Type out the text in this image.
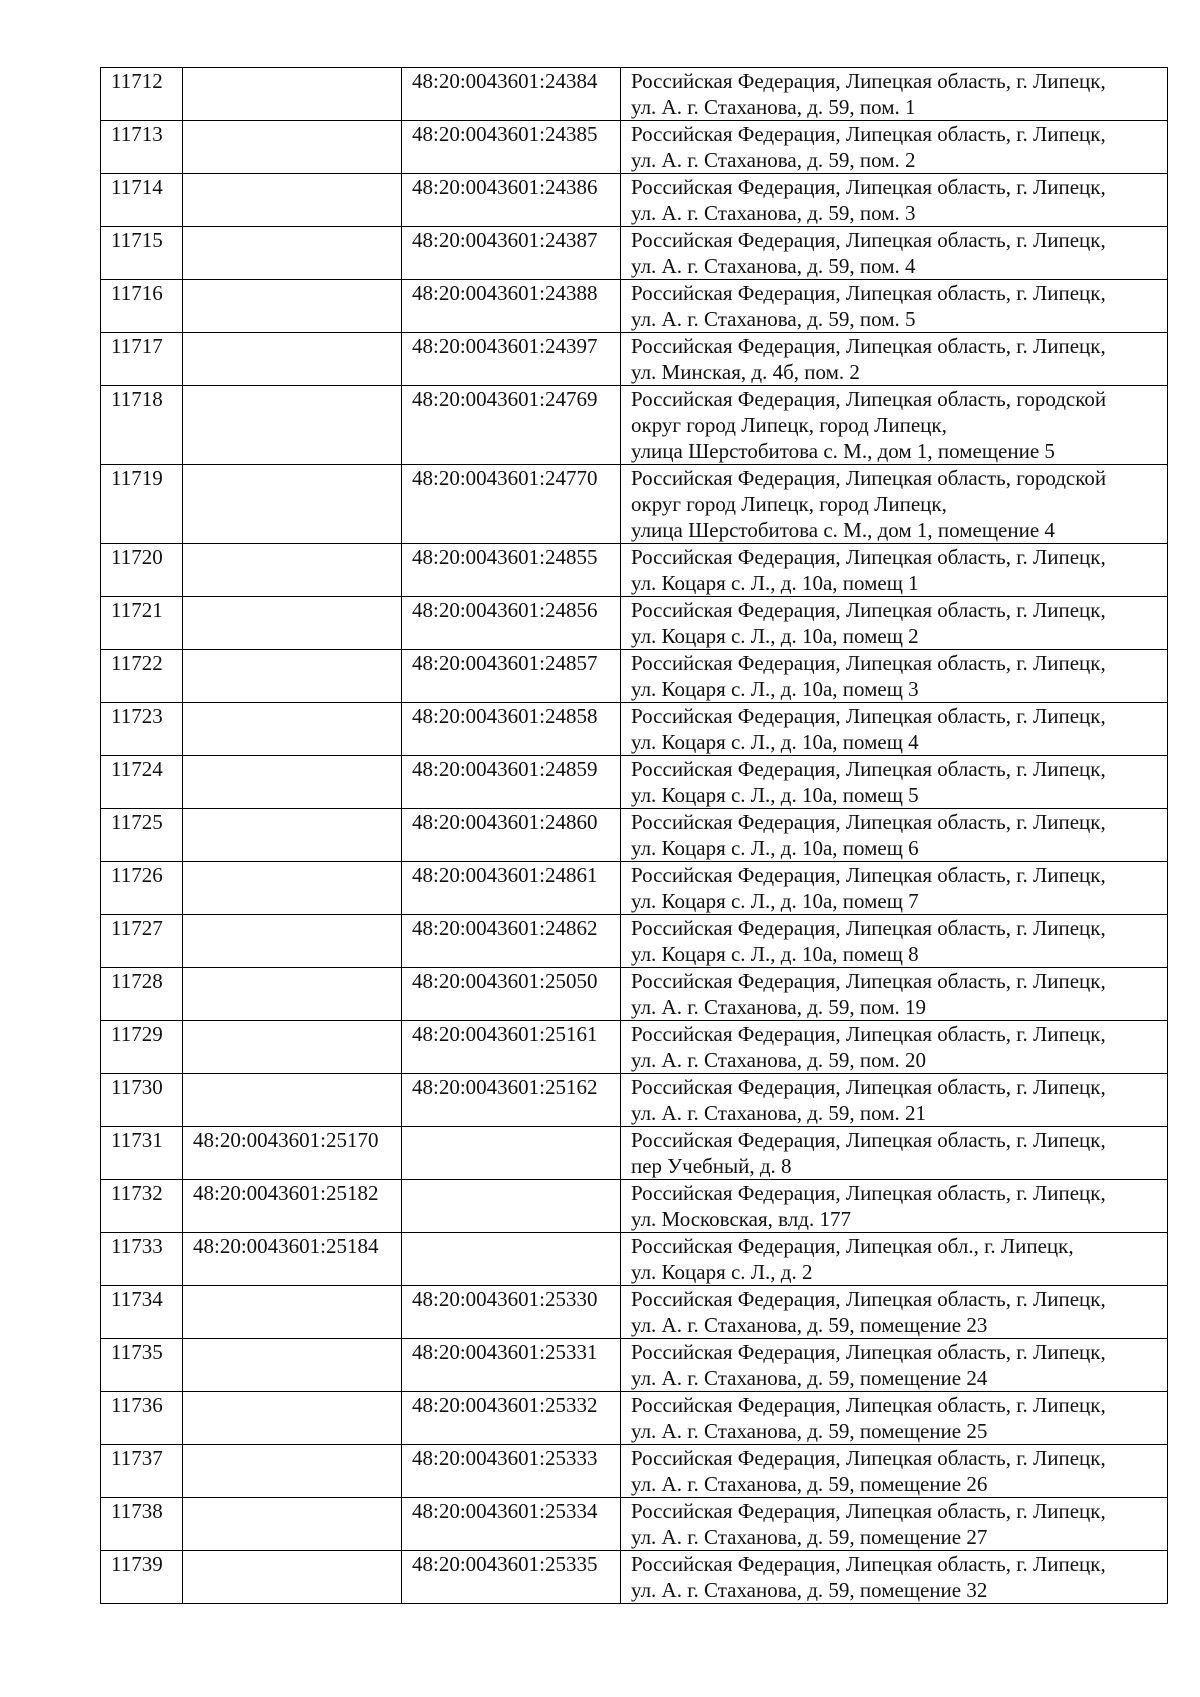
11712		48:20:0043601:24384	Российская Федерация, Липецкая область, г. Липецк,
ул. А. г. Стаханова, д. 59, пом. 1

11713		48:20:0043601:24385	Российская Федерация, Липецкая область, г. Липецк,
ул. А. г. Стаханова, д. 59, пом. 2

11714		48:20:0043601:24386	Российская Федерация, Липецкая область, г. Липецк,
ул. А. г. Стаханова, д. 59, пом. 3

11715		48:20:0043601:24387	Российская Федерация, Липецкая область, г. Липецк,
ул. А. г. Стаханова, д. 59, пом. 4

11716		48:20:0043601:24388	Российская Федерация, Липецкая область, г. Липецк,
ул. А. г. Стаханова, д. 59, пом. 5

11717		48:20:0043601:24397	Российская Федерация, Липецкая область, г. Липецк,
ул. Минская, д. 4б, пом. 2

11718		48:20:0043601:24769	Российская Федерация, Липецкая область, городской
округ город Липецк, город Липецк,
улица Шерстобитова с. М., дом 1, помещение 5

11719		48:20:0043601:24770	Российская Федерация, Липецкая область, городской
округ город Липецк, город Липецк,
улица Шерстобитова с. М., дом 1, помещение 4

11720		48:20:0043601:24855	Российская Федерация, Липецкая область, г. Липецк,
ул. Коцаря с. Л., д. 10а, помещ 1

11721		48:20:0043601:24856	Российская Федерация, Липецкая область, г. Липецк,
ул. Коцаря с. Л., д. 10а, помещ 2

11722		48:20:0043601:24857	Российская Федерация, Липецкая область, г. Липецк,
ул. Коцаря с. Л., д. 10а, помещ 3

11723		48:20:0043601:24858	Российская Федерация, Липецкая область, г. Липецк,
ул. Коцаря с. Л., д. 10а, помещ 4

11724		48:20:0043601:24859	Российская Федерация, Липецкая область, г. Липецк,
ул. Коцаря с. Л., д. 10а, помещ 5

11725		48:20:0043601:24860	Российская Федерация, Липецкая область, г. Липецк,
ул. Коцаря с. Л., д. 10а, помещ 6

11726		48:20:0043601:24861	Российская Федерация, Липецкая область, г. Липецк,
ул. Коцаря с. Л., д. 10а, помещ 7

11727		48:20:0043601:24862	Российская Федерация, Липецкая область, г. Липецк,
ул. Коцаря с. Л., д. 10а, помещ 8

11728		48:20:0043601:25050	Российская Федерация, Липецкая область, г. Липецк,
ул. А. г. Стаханова, д. 59, пом. 19

11729		48:20:0043601:25161	Российская Федерация, Липецкая область, г. Липецк,
ул. А. г. Стаханова, д. 59, пом. 20

11730		48:20:0043601:25162	Российская Федерация, Липецкая область, г. Липецк,
ул. А. г. Стаханова, д. 59, пом. 21

11731	48:20:0043601:25170		Российская Федерация, Липецкая область, г. Липецк,
пер Учебный, д. 8

11732	48:20:0043601:25182		Российская Федерация, Липецкая область, г. Липецк,
ул. Московская, влд. 177

11733	48:20:0043601:25184		Российская Федерация, Липецкая обл., г. Липецк,
ул. Коцаря с. Л., д. 2

11734		48:20:0043601:25330	Российская Федерация, Липецкая область, г. Липецк,
ул. А. г. Стаханова, д. 59, помещение 23

11735		48:20:0043601:25331	Российская Федерация, Липецкая область, г. Липецк,
ул. А. г. Стаханова, д. 59, помещение 24

11736		48:20:0043601:25332	Российская Федерация, Липецкая область, г. Липецк,
ул. А. г. Стаханова, д. 59, помещение 25

11737		48:20:0043601:25333	Российская Федерация, Липецкая область, г. Липецк,
ул. А. г. Стаханова, д. 59, помещение 26

11738		48:20:0043601:25334	Российская Федерация, Липецкая область, г. Липецк,
ул. А. г. Стаханова, д. 59, помещение 27

11739		48:20:0043601:25335	Российская Федерация, Липецкая область, г. Липецк,
ул. А. г. Стаханова, д. 59, помещение 32
